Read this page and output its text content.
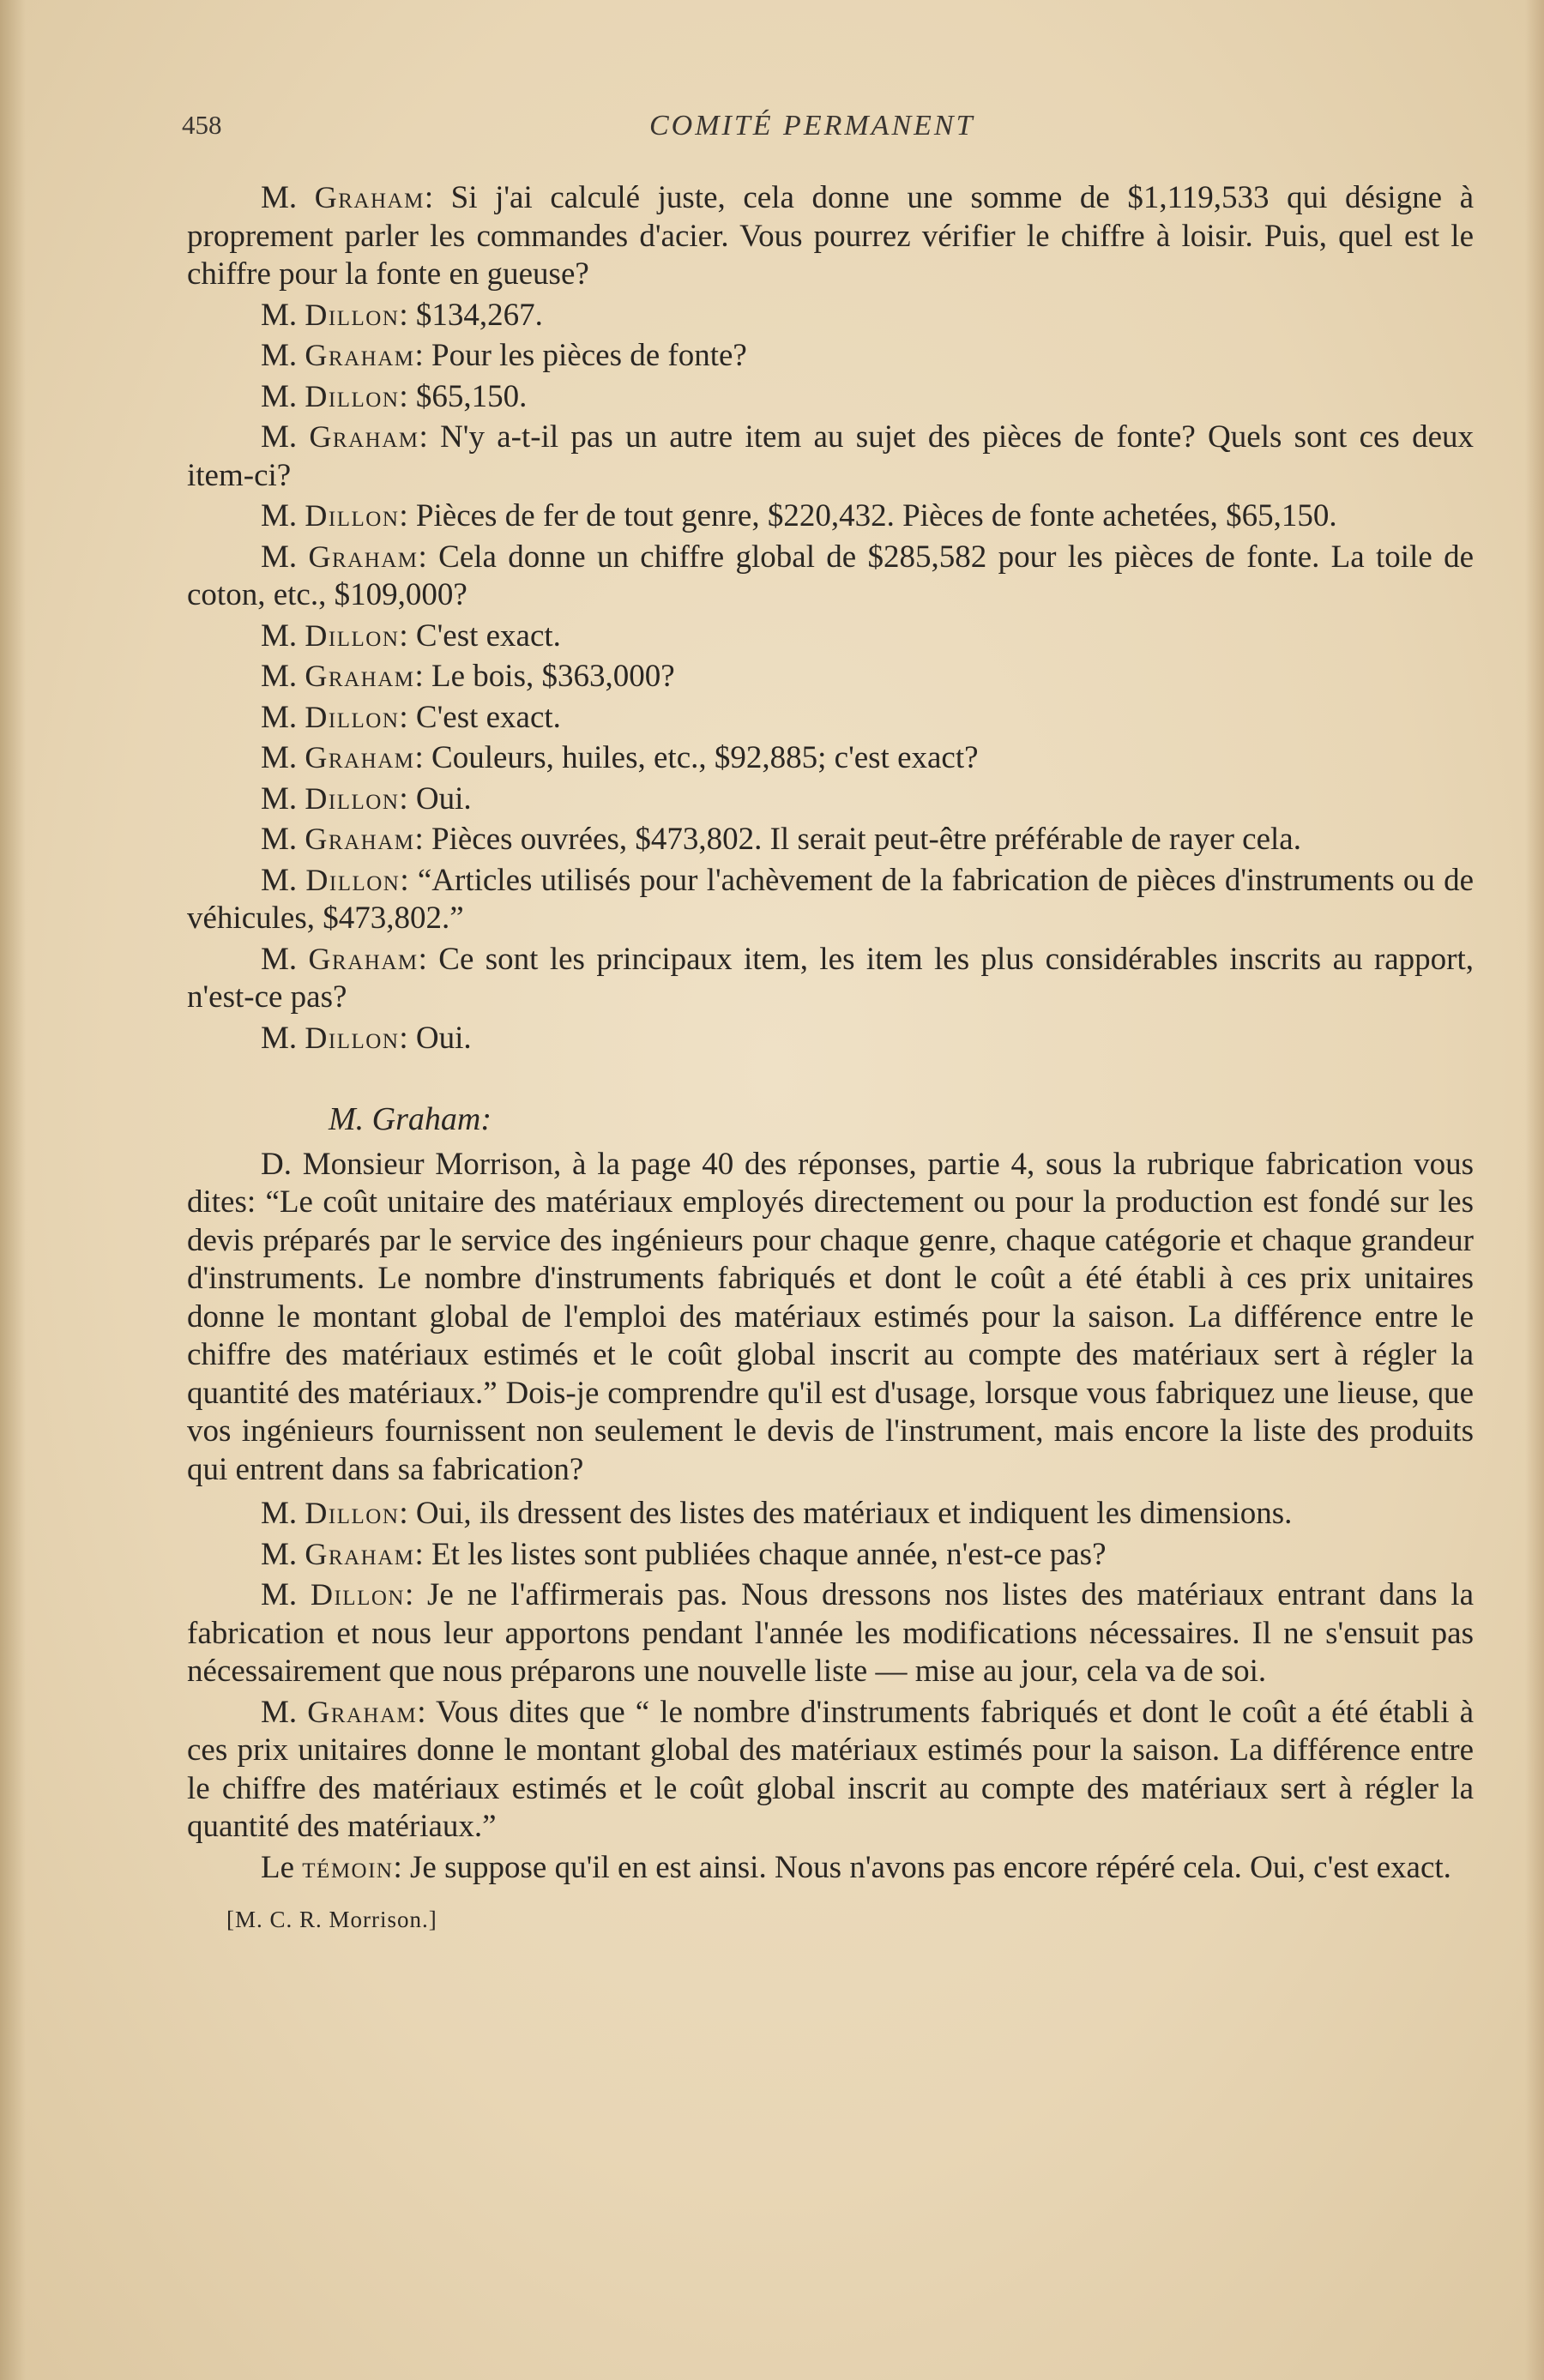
458	COMITÉ PERMANENT

M. Graham: Si j'ai calculé juste, cela donne une somme de $1,119,533 qui désigne à proprement parler les commandes d'acier. Vous pourrez vérifier le chiffre à loisir. Puis, quel est le chiffre pour la fonte en gueuse?

M. Dillon: $134,267.

M. Graham: Pour les pièces de fonte?

M. Dillon: $65,150.

M. Graham: N'y a-t-il pas un autre item au sujet des pièces de fonte? Quels sont ces deux item-ci?

M. Dillon: Pièces de fer de tout genre, $220,432. Pièces de fonte achetées, $65,150.

M. Graham: Cela donne un chiffre global de $285,582 pour les pièces de fonte. La toile de coton, etc., $109,000?

M. Dillon: C'est exact.

M. Graham: Le bois, $363,000?

M. Dillon: C'est exact.

M. Graham: Couleurs, huiles, etc., $92,885; c'est exact?

M. Dillon: Oui.

M. Graham: Pièces ouvrées, $473,802. Il serait peut-être préférable de rayer cela.

M. Dillon: “Articles utilisés pour l'achèvement de la fabrication de pièces d'instruments ou de véhicules, $473,802.”

M. Graham: Ce sont les principaux item, les item les plus considérables inscrits au rapport, n'est-ce pas?

M. Dillon: Oui.

M. Graham:

D. Monsieur Morrison, à la page 40 des réponses, partie 4, sous la rubrique fabrication vous dites: “Le coût unitaire des matériaux employés directement ou pour la production est fondé sur les devis préparés par le service des ingénieurs pour chaque genre, chaque catégorie et chaque grandeur d'instruments. Le nombre d'instruments fabriqués et dont le coût a été établi à ces prix unitaires donne le montant global de l'emploi des matériaux estimés pour la saison. La différence entre le chiffre des matériaux estimés et le coût global inscrit au compte des matériaux sert à régler la quantité des matériaux.” Dois-je comprendre qu'il est d'usage, lorsque vous fabriquez une lieuse, que vos ingénieurs fournissent non seulement le devis de l'instrument, mais encore la liste des produits qui entrent dans sa fabrication?

M. Dillon: Oui, ils dressent des listes des matériaux et indiquent les dimensions.

M. Graham: Et les listes sont publiées chaque année, n'est-ce pas?

M. Dillon: Je ne l'affirmerais pas. Nous dressons nos listes des matériaux entrant dans la fabrication et nous leur apportons pendant l'année les modifications nécessaires. Il ne s'ensuit pas nécessairement que nous préparons une nouvelle liste — mise au jour, cela va de soi.

M. Graham: Vous dites que “ le nombre d'instruments fabriqués et dont le coût a été établi à ces prix unitaires donne le montant global des matériaux estimés pour la saison. La différence entre le chiffre des matériaux estimés et le coût global inscrit au compte des matériaux sert à régler la quantité des matériaux.”

Le témoin: Je suppose qu'il en est ainsi. Nous n'avons pas encore répéré cela. Oui, c'est exact.

[M. C. R. Morrison.]
